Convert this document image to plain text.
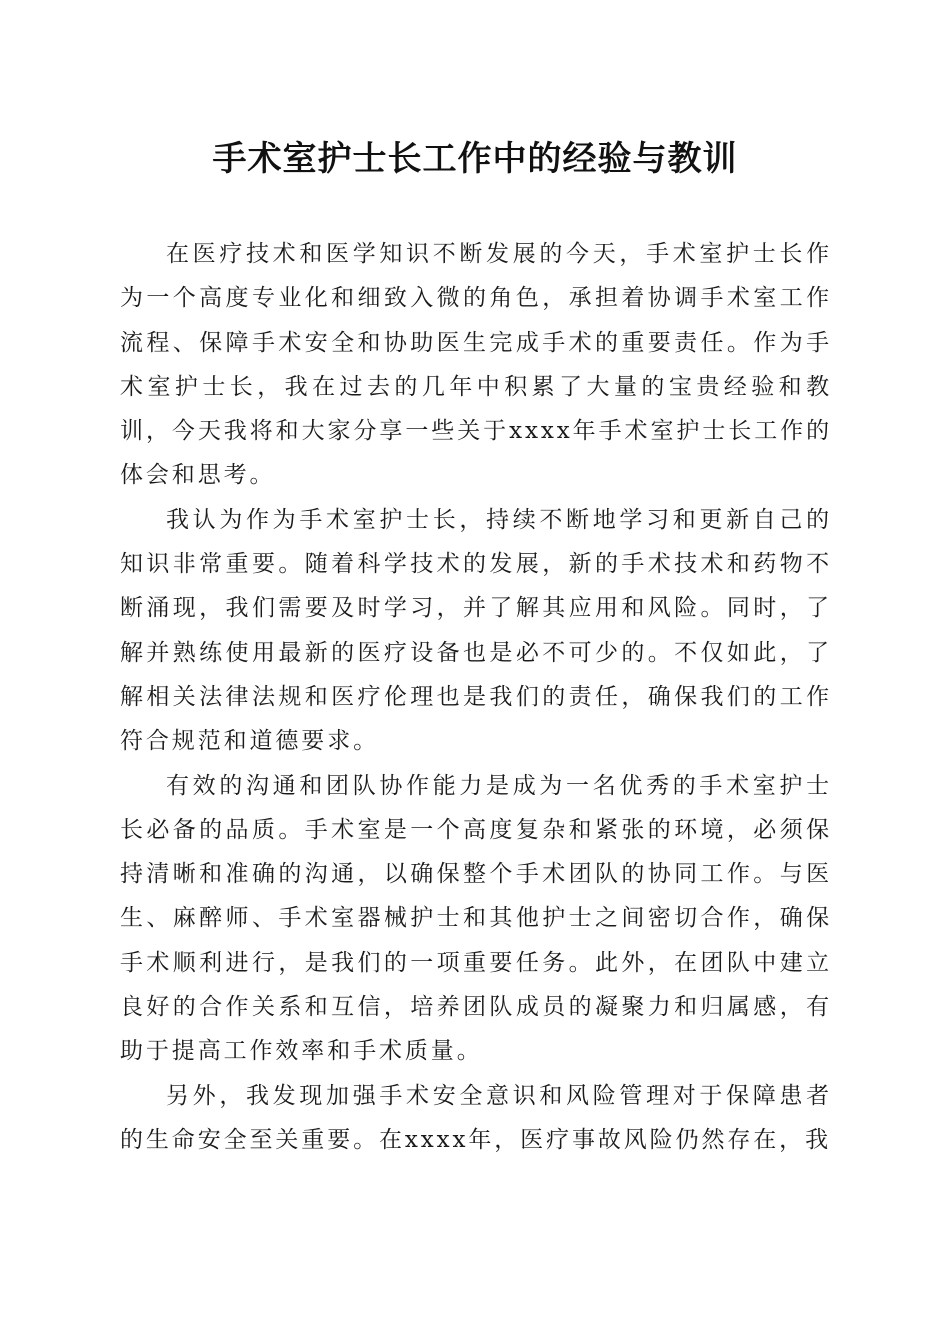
手术室护士长工作中的经验与教训

在医疗技术和医学知识不断发展的今天，手术室护士长作为一个高度专业化和细致入微的角色，承担着协调手术室工作流程、保障手术安全和协助医生完成手术的重要责任。作为手术室护士长，我在过去的几年中积累了大量的宝贵经验和教训，今天我将和大家分享一些关于xxxx年手术室护士长工作的体会和思考。

我认为作为手术室护士长，持续不断地学习和更新自己的知识非常重要。随着科学技术的发展，新的手术技术和药物不断涌现，我们需要及时学习，并了解其应用和风险。同时，了解并熟练使用最新的医疗设备也是必不可少的。不仅如此，了解相关法律法规和医疗伦理也是我们的责任，确保我们的工作符合规范和道德要求。

有效的沟通和团队协作能力是成为一名优秀的手术室护士长必备的品质。手术室是一个高度复杂和紧张的环境，必须保持清晰和准确的沟通，以确保整个手术团队的协同工作。与医生、麻醉师、手术室器械护士和其他护士之间密切合作，确保手术顺利进行，是我们的一项重要任务。此外，在团队中建立良好的合作关系和互信，培养团队成员的凝聚力和归属感，有助于提高工作效率和手术质量。

另外，我发现加强手术安全意识和风险管理对于保障患者的生命安全至关重要。在xxxx年，医疗事故风险仍然存在，我
